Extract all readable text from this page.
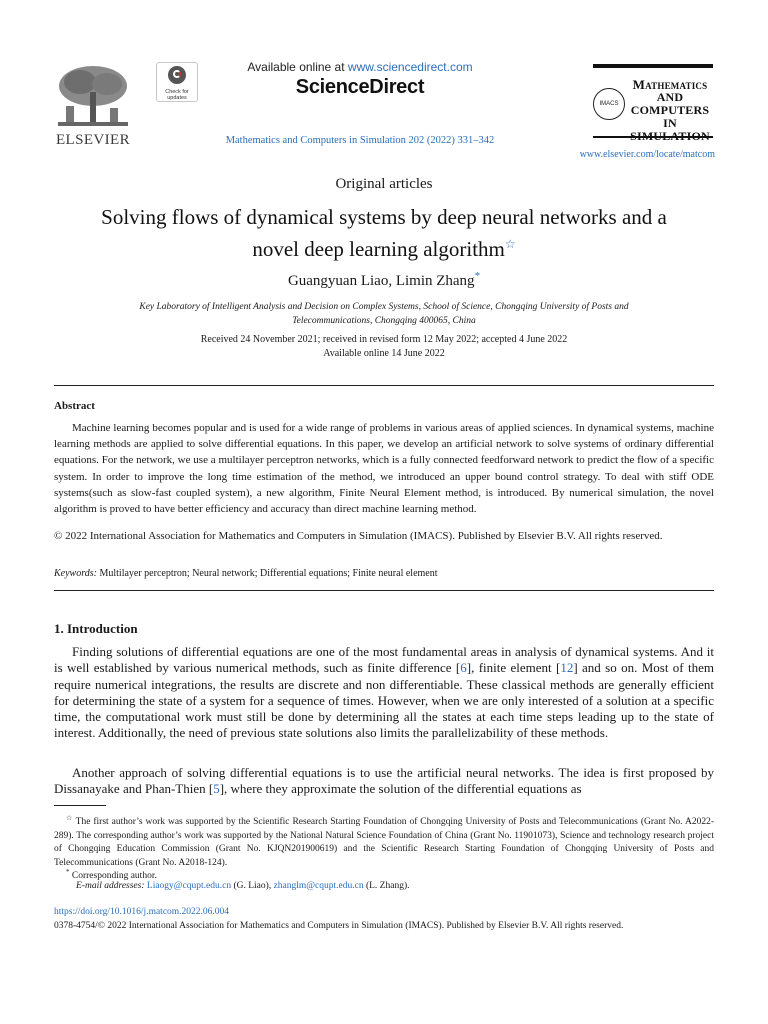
ELSEVIER
Check for
updates
Available online at www.sciencedirect.com
ScienceDirect
Mathematics and Computers in Simulation 202 (2022) 331–342
IMACS
Mathematics
AND
COMPUTERS
IN
www.elsevier.com/locate/matcom
Original articles
Solving flows of dynamical systems by deep neural networks and a
novel deep learning algorithm☆
Guangyuan Liao, Limin Zhang*
Key Laboratory of Intelligent Analysis and Decision on Complex Systems, School of Science, Chongqing University of Posts and
Telecommunications, Chongqing 400065, China
Received 24 November 2021; received in revised form 12 May 2022; accepted 4 June 2022
Available online 14 June 2022
Abstract
Machine learning becomes popular and is used for a wide range of problems in various areas of applied sciences. In dynamical systems, machine learning methods are applied to solve differential equations. In this paper, we develop an artificial network to solve systems of ordinary differential equations. For the network, we use a multilayer perceptron networks, which is a fully connected feedforward network to predict the flow of a specific system. In order to improve the long time estimation of the method, we introduced an upper bound control strategy. To deal with stiff ODE systems(such as slow-fast coupled system), a new algorithm, Finite Neural Element method, is introduced. By numerical simulation, the novel algorithm is proved to have better efficiency and accuracy than direct machine learning method.
© 2022 International Association for Mathematics and Computers in Simulation (IMACS). Published by Elsevier B.V. All rights reserved.
Keywords: Multilayer perceptron; Neural network; Differential equations; Finite neural element
1. Introduction
Finding solutions of differential equations are one of the most fundamental areas in analysis of dynamical systems. And it is well established by various numerical methods, such as finite difference [6], finite element [12] and so on. Most of them require numerical integrations, the results are discrete and non differentiable. These classical methods are generally efficient for determining the state of a system for a sequence of times. However, when we are only interested of a solution at a specific time, the computational work must still be done by determining all the states at each time steps leading up to the state of interest. Additionally, the need of previous state solutions also limits the parallelizability of these methods.
Another approach of solving differential equations is to use the artificial neural networks. The idea is first proposed by Dissanayake and Phan-Thien [5], where they approximate the solution of the differential equations as
☆ The first author’s work was supported by the Scientific Research Starting Foundation of Chongqing University of Posts and Telecommunications (Grant No. A2022-289). The corresponding author’s work was supported by the National Natural Science Foundation of China (Grant No. 11901073), Science and technology research project of Chongqing Education Commission (Grant No. KJQN201900619) and the Scientific Research Starting Foundation of Chongqing University of Posts and Telecommunications (Grant No. A2018-124).
* Corresponding author.
E-mail addresses: Liaogy@cqupt.edu.cn (G. Liao), zhanglm@cqupt.edu.cn (L. Zhang).
https://doi.org/10.1016/j.matcom.2022.06.004
0378-4754/© 2022 International Association for Mathematics and Computers in Simulation (IMACS). Published by Elsevier B.V. All rights reserved.
